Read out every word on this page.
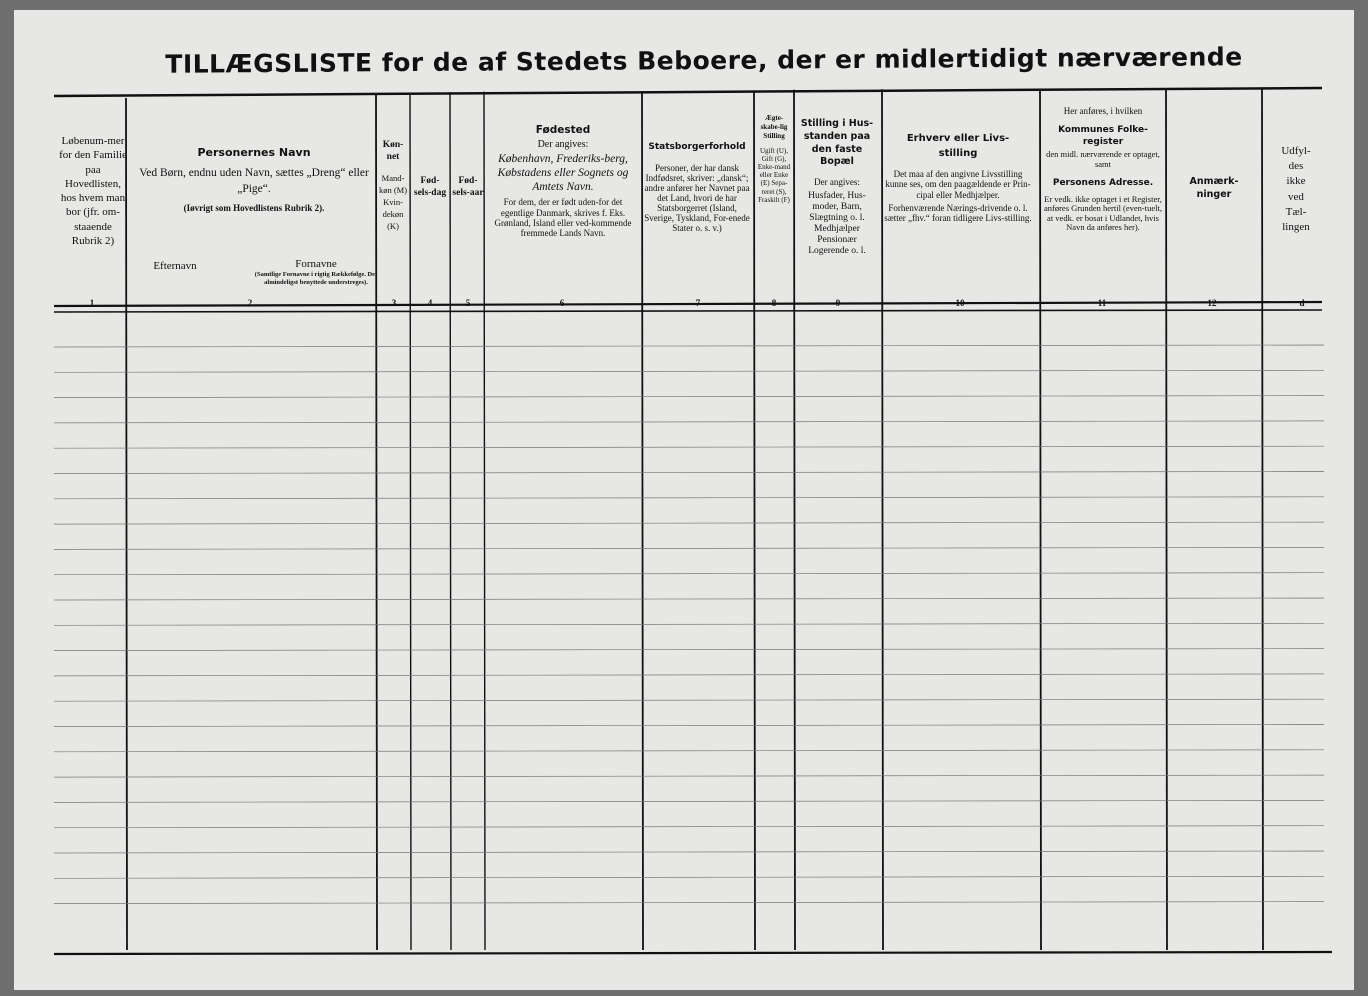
TILLÆGSLISTE for de af Stedets Beboere, der er midlertidigt nærværende
Løbenum-mer for den Familie paa Hovedlisten, hos hvem man bor (jfr. om-staaende Rubrik 2)
1
Personernes Navn
Ved Børn, endnu uden Navn, sættes „Dreng“ eller „Pige“.
(Iøvrigt som Hovedlistens Rubrik 2).
Efternavn	Fornavne
(Samtlige Fornavne i rigtig Rækkefølge. Det almindeligst benyttede understreges).
2
Køn-net
Mand-køn (M) Kvin-dekøn (K)
3
Fød-sels-dag
4
Fød-sels-aar
5
Fødested
Der angives:
København, Frederiks-berg, Købstadens eller Sognets og Amtets Navn.
For dem, der er født uden-for det egentlige Danmark, skrives f. Eks. Grønland, Island eller ved-kommende fremmede Lands Navn.
6
Statsborgerforhold
Personer, der har dansk Indfødsret, skriver: „dansk“; andre anfører her Navnet paa det Land, hvori de har Statsborgerret (Island, Sverige, Tyskland, For-enede Stater o. s. v.)
7
Ægte-skabe-lig Stilling
Ugift (U), Gift (G), Enke-mand eller Enke (E) Sepa-reret (S), Fraskilt (F)
8
Stilling i Hus-standen paa den faste Bopæl
Der angives:
Husfader, Hus-moder, Barn, Slægtning o. l. Medhjælper Pensionær Logerende o. l.
9
Erhverv eller Livs-stilling
Det maa af den angivne Livsstilling kunne ses, om den paagældende er Prin-cipal eller Medhjælper.
Forhenværende Nærings-drivende o. l. sætter „fhv.“ foran tidligere Livs-stilling.
10
Her anføres, i hvilken
Kommunes Folke-register
den midl. nærværende er optaget, samt
Personens Adresse.
Er vedk. ikke optaget i et Register, anføres Grunden hertil (even-tuelt, at vedk. er bosat i Udlandet, hvis Navn da anføres her).
11
Anmærk-ninger
12
Udfyl-des ikke ved Tæl-lingen
d
